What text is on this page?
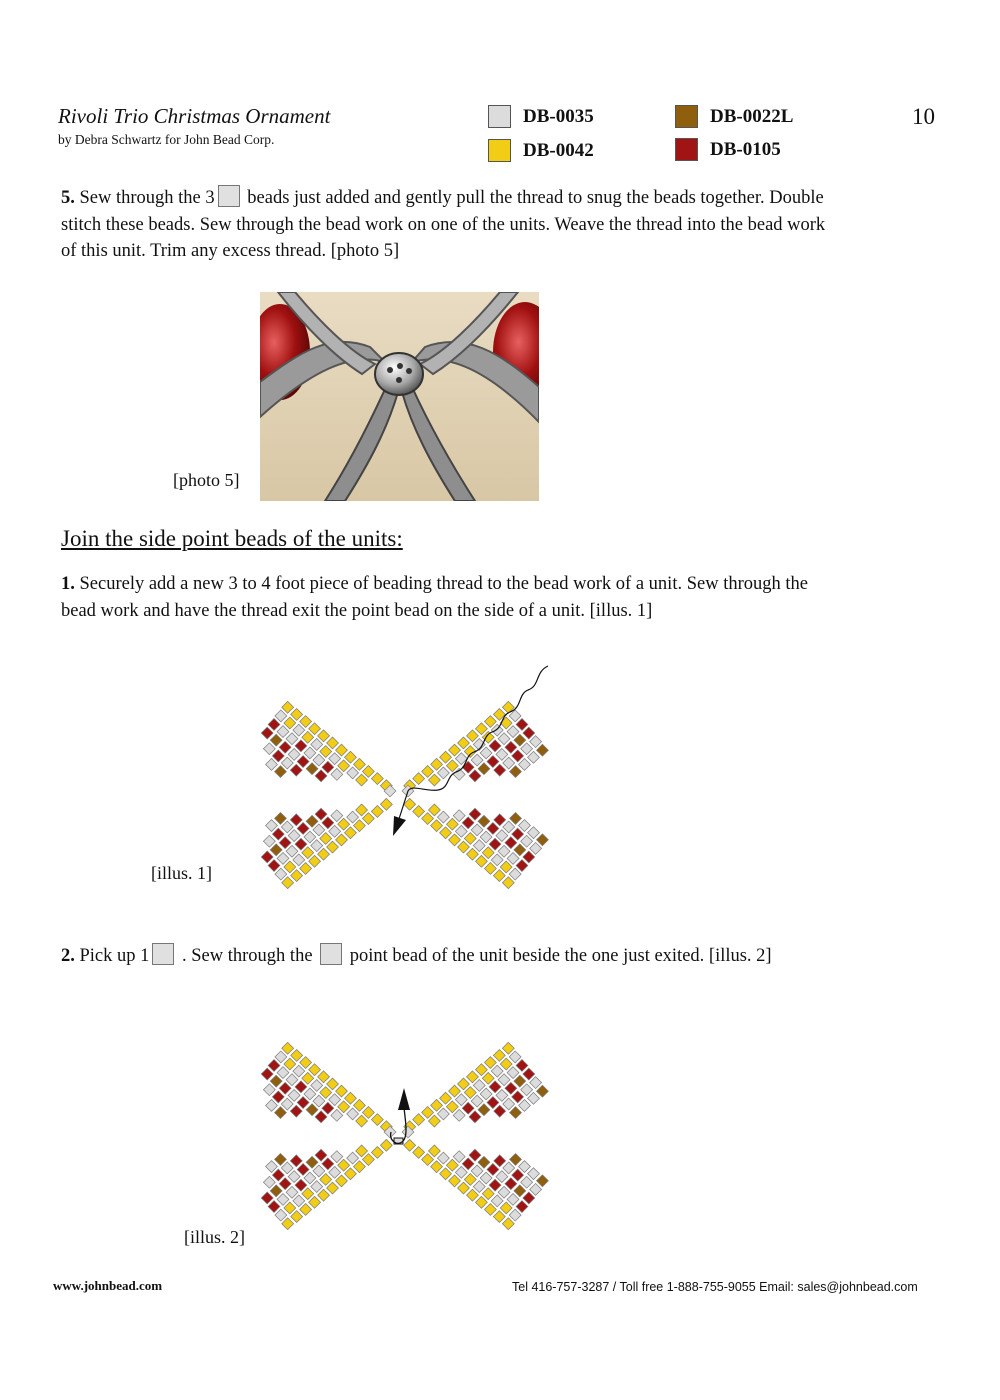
Rivoli Trio Christmas Ornament
by Debra Schwartz for John Bead Corp.
10
DB-0035
DB-0042
DB-0022L
DB-0105
5. Sew through the 3 beads just added and gently pull the thread to snug the beads together. Double stitch these beads. Sew through the bead work on one of the units. Weave the thread into the bead work of this unit. Trim any excess thread. [photo 5]
[photo 5]
Join the side point beads of the units:
1. Securely add a new 3 to 4 foot piece of beading thread to the bead work of a unit. Sew through the bead work and have the thread exit the point bead on the side of a unit. [illus. 1]
[illus. 1]
2. Pick up 1 . Sew through the point bead of the unit beside the one just exited. [illus. 2]
[illus. 2]
www.johnbead.com	Tel 416-757-3287 / Toll free 1-888-755-9055 Email: sales@johnbead.com
